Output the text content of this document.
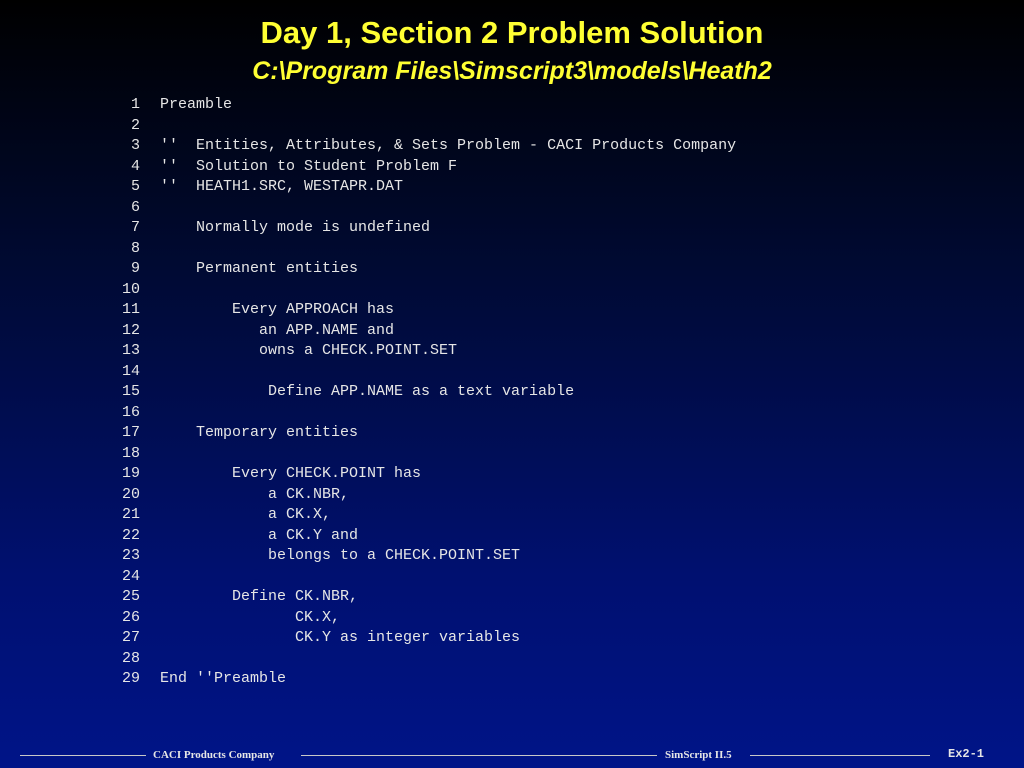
Day 1, Section 2 Problem Solution
C:\Program Files\Simscript3\models\Heath2
1 Preamble
2
3 ''  Entities, Attributes, & Sets Problem - CACI Products Company
4 ''  Solution to Student Problem F
5 ''  HEATH1.SRC, WESTAPR.DAT
6
7    Normally mode is undefined
8
9    Permanent entities
10
11        Every APPROACH has
12           an APP.NAME and
13           owns a CHECK.POINT.SET
14
15            Define APP.NAME as a text variable
16
17    Temporary entities
18
19        Every CHECK.POINT has
20            a CK.NBR,
21            a CK.X,
22            a CK.Y and
23            belongs to a CHECK.POINT.SET
24
25        Define CK.NBR,
26               CK.X,
27               CK.Y as integer variables
28
29 End ''Preamble
CACI Products Company	SimScript II.5	Ex2-1
